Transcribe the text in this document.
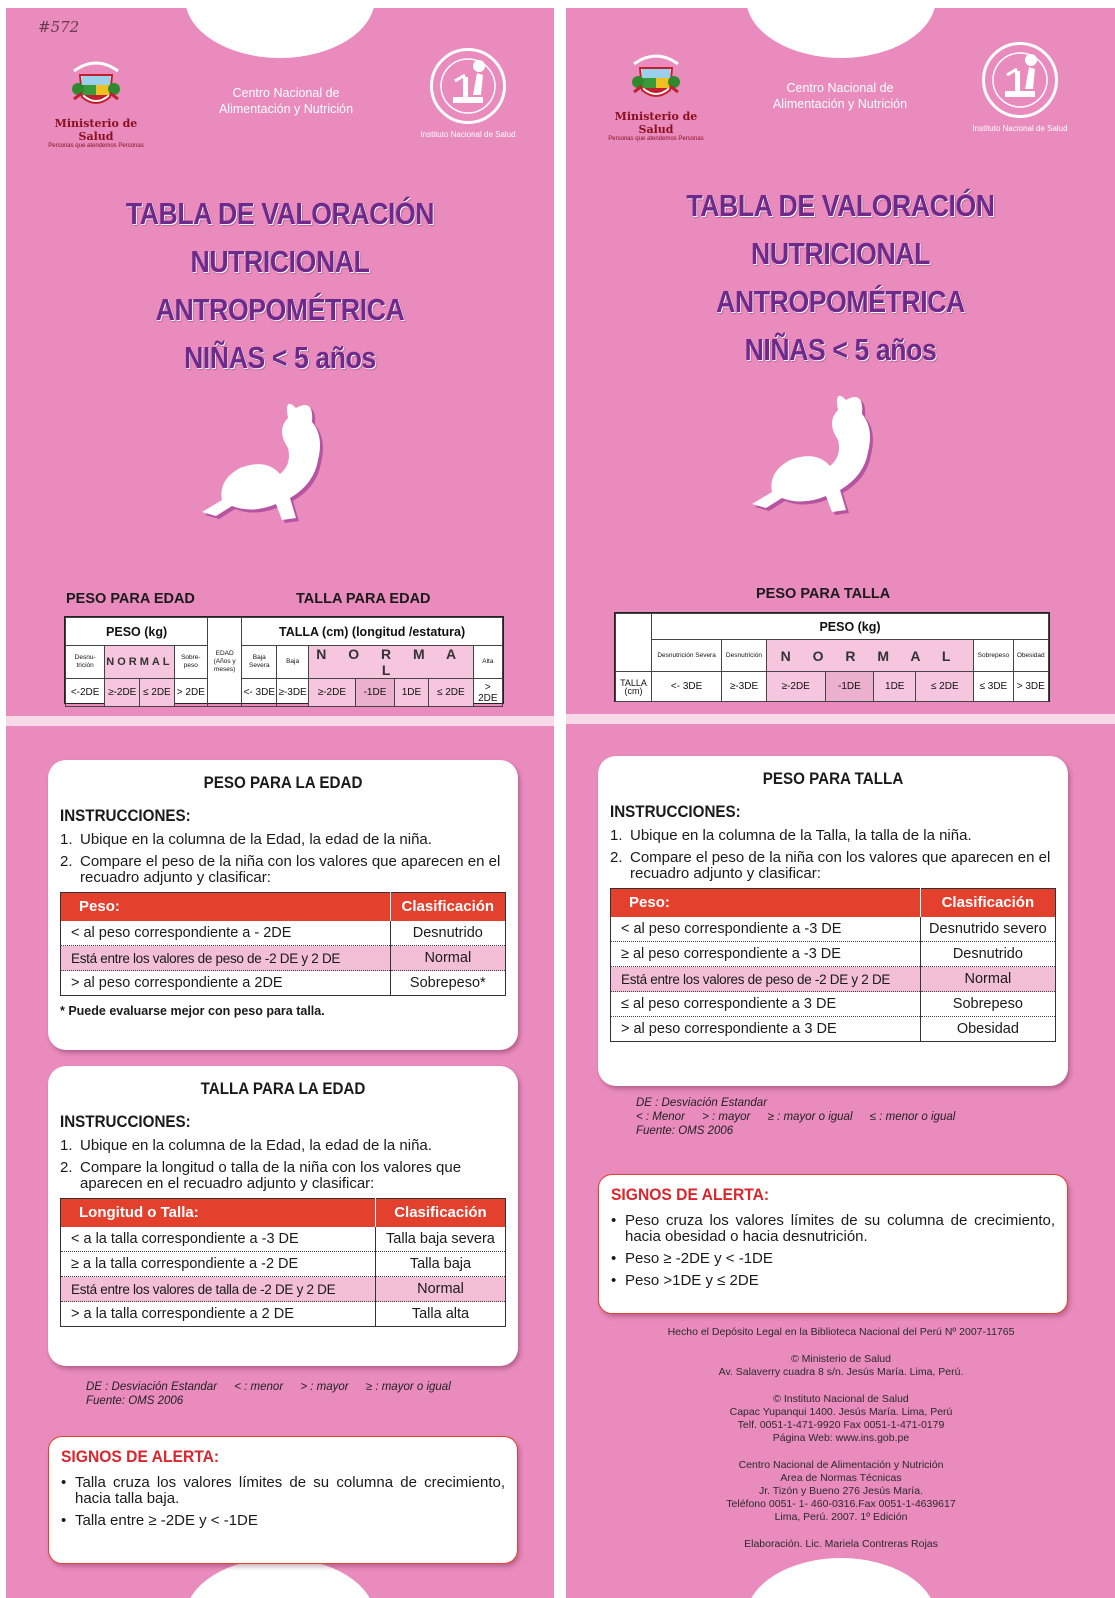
#572
Ministerio de Salud
Personas que atendemos Personas
Centro Nacional de
Alimentación y Nutrición
Instituto Nacional de Salud
TABLA DE VALORACIÓN NUTRICIONAL
ANTROPOMÉTRICA
NIÑAS < 5 años
PESO PARA EDAD	TALLA PARA EDAD
PESO (kg)				EDAD (Años y meses)	TALLA (cm) (longitud /estatura)						
Desnu-trición	NORMAL		Sobre-peso		Baja Severa	Baja	N O R M A L				Alta
<-2DE	≥-2DE	≤ 2DE	> 2DE		<- 3DE	≥-3DE	≥-2DE	-1DE	1DE	≤ 2DE	> 2DE
PESO PARA LA EDAD
INSTRUCCIONES:
1. Ubique en la columna de la Edad, la edad de la niña.
2. Compare el peso de la niña con los valores que aparecen en el recuadro adjunto y clasificar:
Peso:	Clasificación
< al peso correspondiente a - 2DE	Desnutrido
Está entre los valores de peso de -2 DE y 2 DE	Normal
> al peso correspondiente a 2DE	Sobrepeso*
* Puede evaluarse mejor con peso para talla.
TALLA PARA LA EDAD
INSTRUCCIONES:
1. Ubique en la columna de la Edad, la edad de la niña.
2. Compare la longitud o talla de la niña con los valores que aparecen en el recuadro adjunto y clasificar:
Longitud o Talla:	Clasificación
< a la talla correspondiente a -3 DE	Talla baja severa
≥ a la talla correspondiente a -2 DE	Talla baja
Está entre los valores de talla de -2 DE y 2 DE	Normal
> a la talla correspondiente a 2 DE	Talla alta
DE : Desviación Estandar < : menor > : mayor ≥ : mayor o igual
Fuente: OMS 2006
SIGNOS DE ALERTA:
• Talla cruza los valores límites de su columna de crecimiento, hacia talla baja.
• Talla entre ≥ -2DE y < -1DE
Ministerio de Salud
Personas que atendemos Personas
Centro Nacional de
Alimentación y Nutrición
Instituto Nacional de Salud
TABLA DE VALORACIÓN NUTRICIONAL
ANTROPOMÉTRICA
NIÑAS < 5 años
PESO PARA TALLA
	PESO (kg)							
	Desnutrición Severa	Desnutrición	N O R M A L				Sobrepeso	Obesidad
TALLA (cm)	<- 3DE	≥-3DE	≥-2DE	-1DE	1DE	≤ 2DE	≤ 3DE	> 3DE
PESO PARA TALLA
INSTRUCCIONES:
1. Ubique en la columna de la Talla, la talla de la niña.
2. Compare el peso de la niña con los valores que aparecen en el recuadro adjunto y clasificar:
Peso:	Clasificación
< al peso correspondiente a -3 DE	Desnutrido severo
≥ al peso correspondiente a -3 DE	Desnutrido
Está entre los valores de peso de -2 DE y 2 DE	Normal
≤ al peso correspondiente a 3 DE	Sobrepeso
> al peso correspondiente a 3 DE	Obesidad
DE : Desviación Estandar
< : Menor > : mayor ≥ : mayor o igual ≤ : menor o igual
Fuente: OMS 2006
SIGNOS DE ALERTA:
• Peso cruza los valores límites de su columna de crecimiento, hacia obesidad o hacia desnutrición.
• Peso ≥ -2DE y < -1DE
• Peso >1DE y ≤ 2DE

Hecho el Depósito Legal en la Biblioteca Nacional del Perú Nº 2007-11765

© Ministerio de Salud
Av. Salaverry cuadra 8 s/n. Jesús María. Lima, Perú.

© Instituto Nacional de Salud
Capac Yupanqui 1400. Jesús María. Lima, Perú
Telf. 0051-1-471-9920 Fax 0051-1-471-0179
Página Web: www.ins.gob.pe

Centro Nacional de Alimentación y Nutrición
Area de Normas Técnicas
Jr. Tizón y Bueno 276 Jesús María.
Teléfono 0051- 1- 460-0316.Fax 0051-1-4639617
Lima, Perú. 2007. 1º Edición

Elaboración. Lic. Mariela Contreras Rojas
